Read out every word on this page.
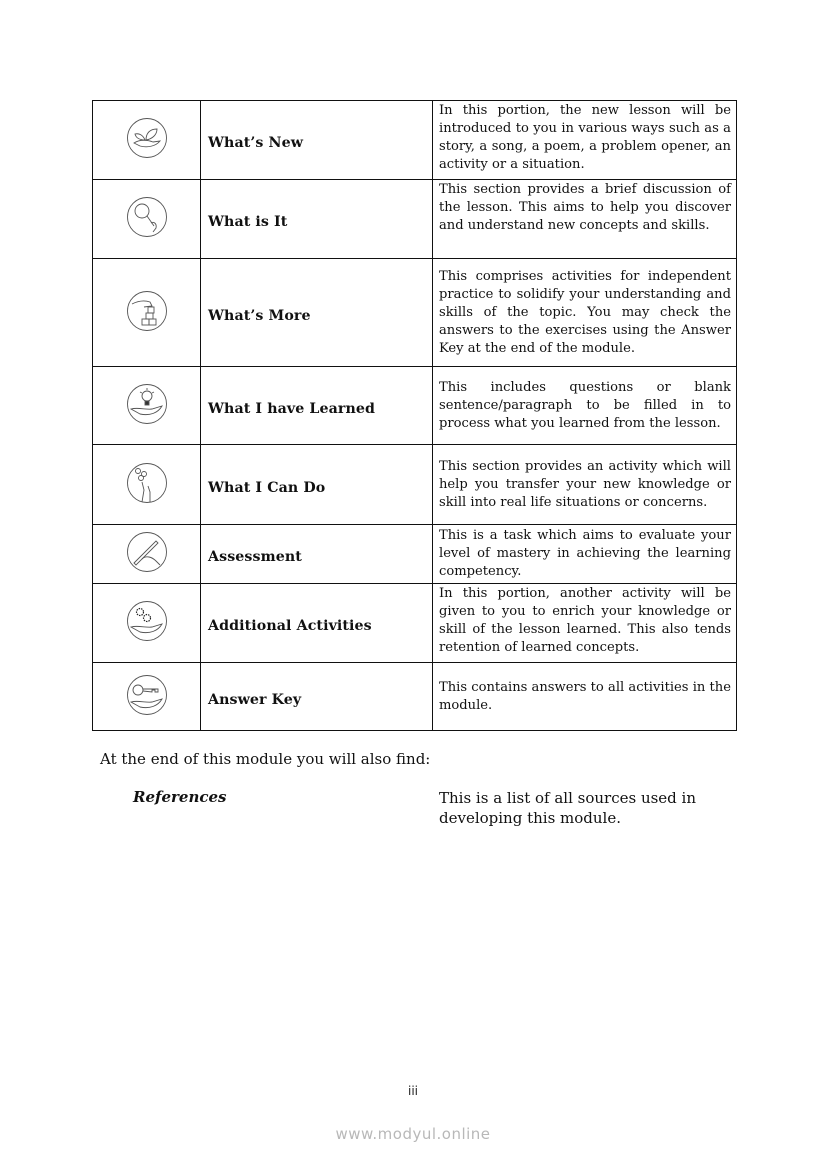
What’s New	In this portion, the new lesson will be introduced to you in various ways such as a story, a song, a poem, a problem opener, an activity or a situation.

What is It	This section provides a brief discussion of the lesson. This aims to help you discover and understand new concepts and skills.

What’s More	This comprises activities for independent practice to solidify your understanding and skills of the topic. You may check the answers to the exercises using the Answer Key at the end of the module.

What I have Learned	This includes questions or blank sentence/paragraph to be filled in to process what you learned from the lesson.

What I Can Do	This section provides an activity which will help you transfer your new knowledge or skill into real life situations or concerns.

Assessment	This is a task which aims to evaluate your level of mastery in achieving the learning competency.

Additional Activities	In this portion, another activity will be given to you to enrich your knowledge or skill of the lesson learned. This also tends retention of learned concepts.

Answer Key	This contains answers to all activities in the module.
At the end of this module you will also find:
References	This is a list of all sources used in developing this module.
iii
www.modyul.online
